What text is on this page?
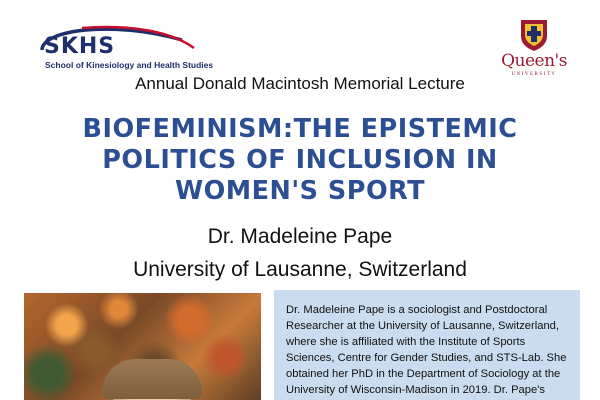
SKHS
School of Kinesiology and Health Studies	Queen's
UNIVERSITY
Annual Donald Macintosh Memorial Lecture
BIOFEMINISM:THE EPISTEMIC POLITICS OF INCLUSION IN WOMEN'S SPORT
Dr. Madeleine Pape
University of Lausanne, Switzerland

Dr. Madeleine Pape is a sociologist and Postdoctoral Researcher at the University of Lausanne, Switzerland, where she is affiliated with the Institute of Sports Sciences, Centre for Gender Studies, and STS-Lab. She obtained her PhD in the Department of Sociology at the University of Wisconsin-Madison in 2019. Dr. Pape's
